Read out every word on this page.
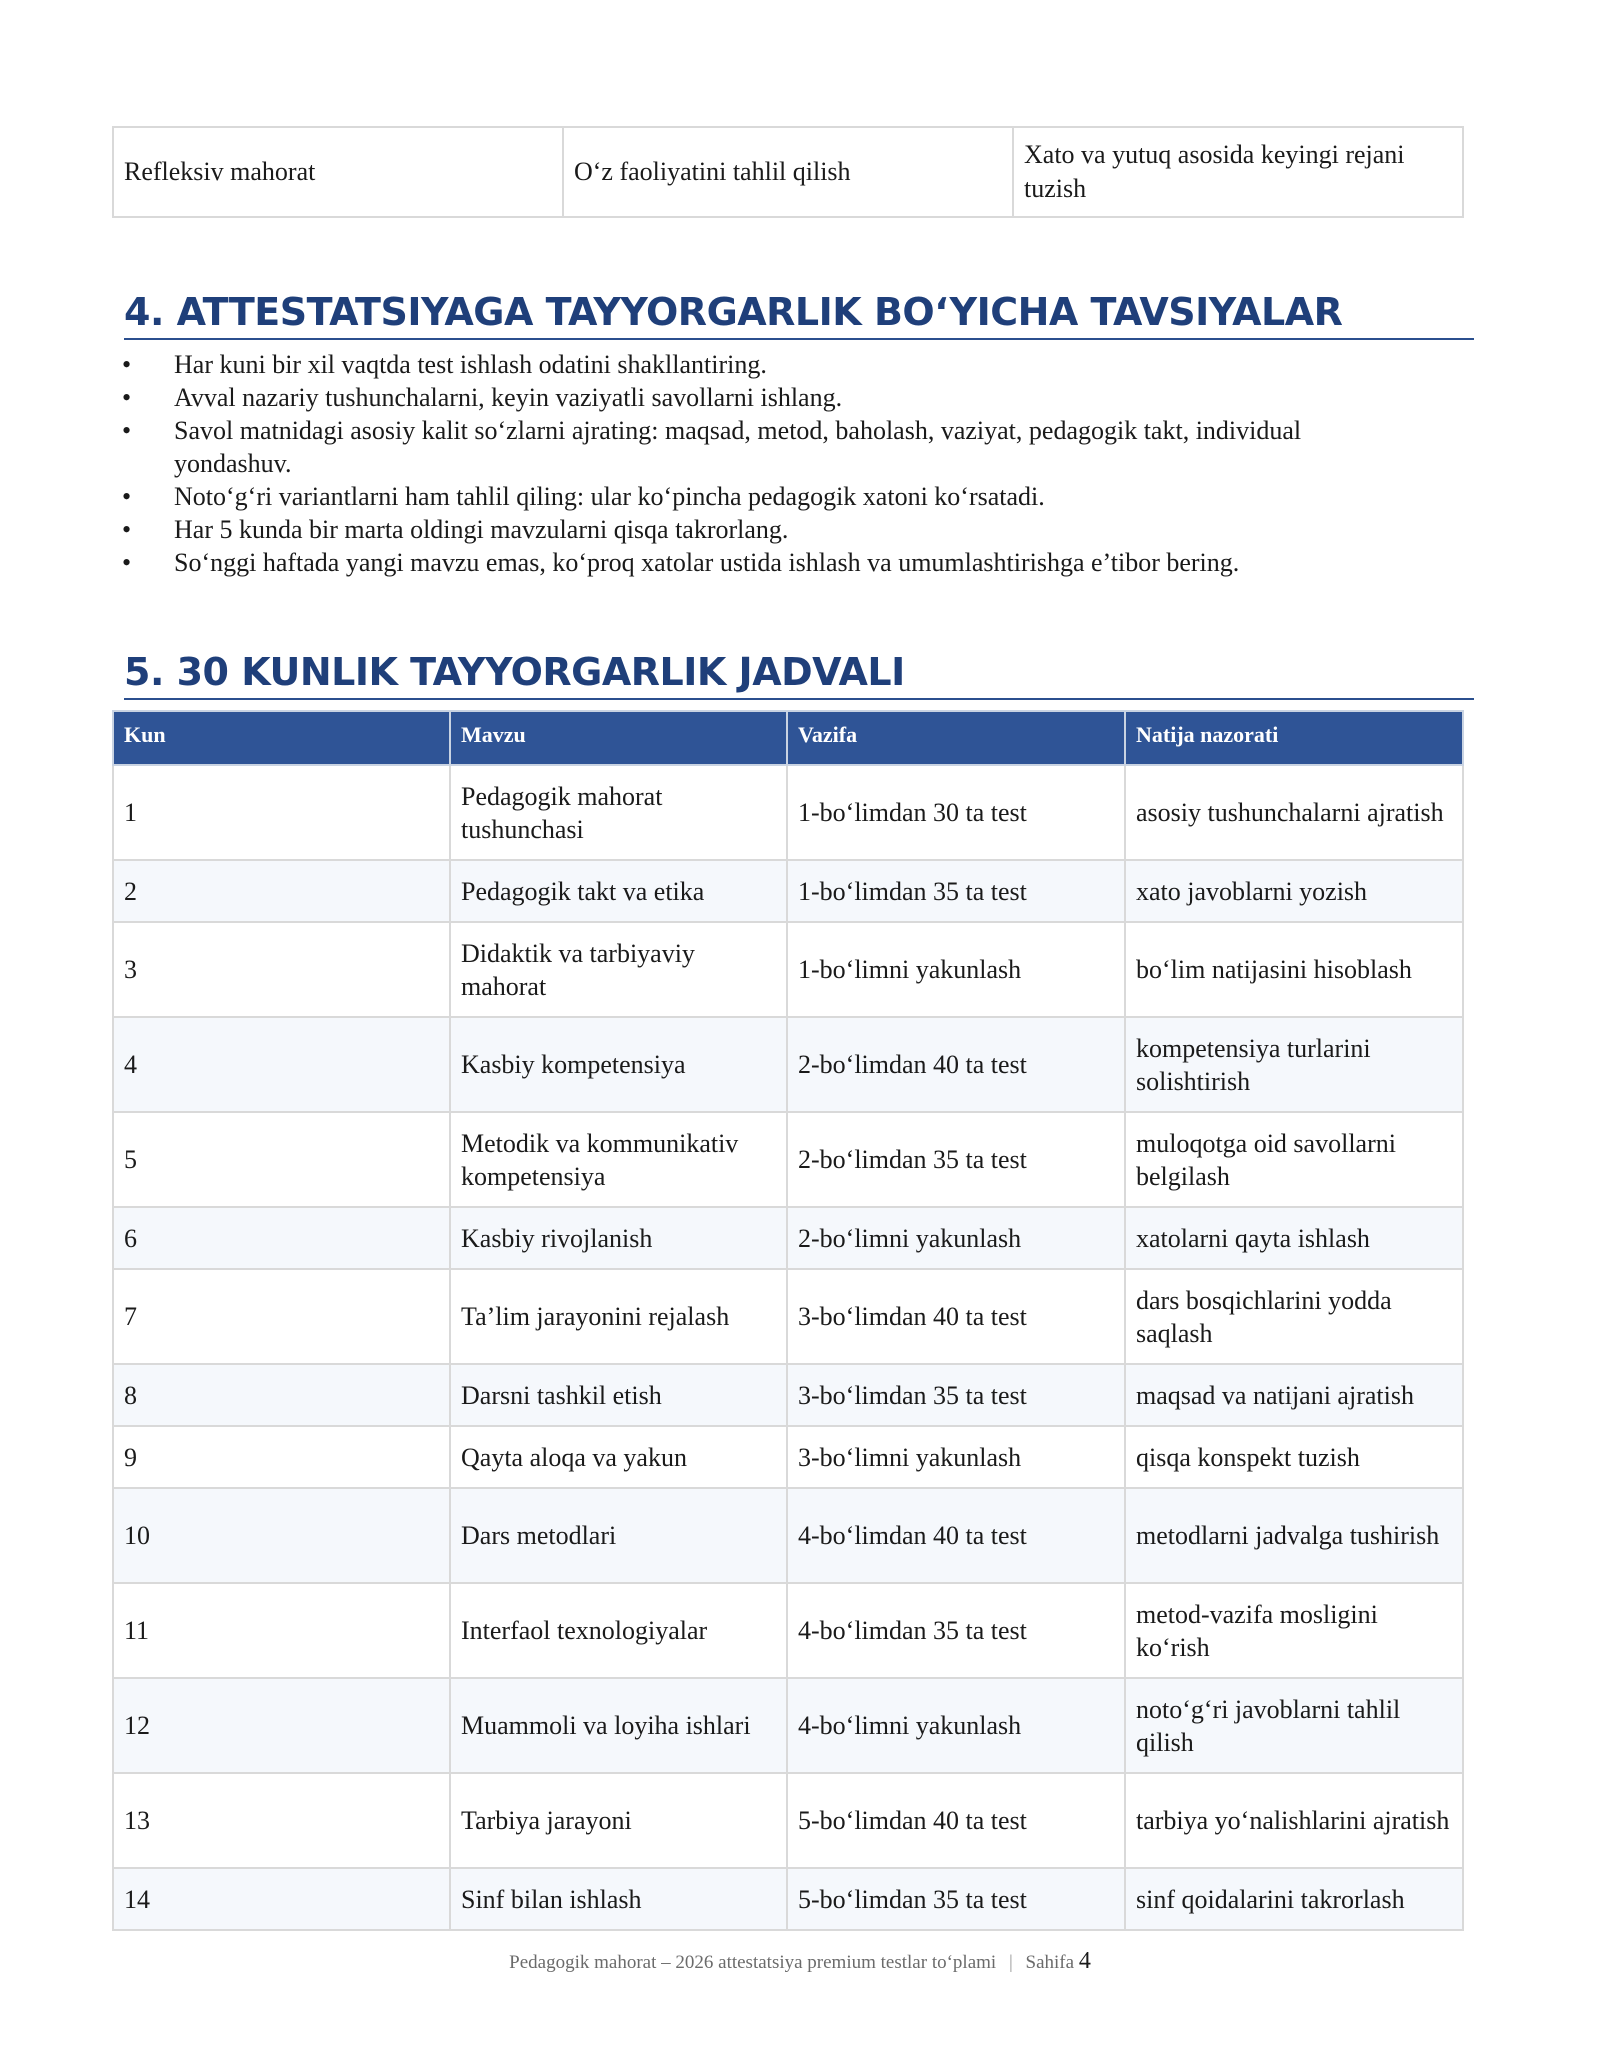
Refleksiv mahorat	O‘z faoliyatini tahlil qilish	Xato va yutuq asosida keyingi rejani tuzish
4. ATTESTATSIYAGA TAYYORGARLIK BO‘YICHA TAVSIYALAR
• Har kuni bir xil vaqtda test ishlash odatini shakllantiring.
• Avval nazariy tushunchalarni, keyin vaziyatli savollarni ishlang.
• Savol matnidagi asosiy kalit so‘zlarni ajrating: maqsad, metod, baholash, vaziyat, pedagogik takt, individual yondashuv.
• Noto‘g‘ri variantlarni ham tahlil qiling: ular ko‘pincha pedagogik xatoni ko‘rsatadi.
• Har 5 kunda bir marta oldingi mavzularni qisqa takrorlang.
• So‘nggi haftada yangi mavzu emas, ko‘proq xatolar ustida ishlash va umumlashtirishga e’tibor bering.
5. 30 KUNLIK TAYYORGARLIK JADVALI
Kun	Mavzu	Vazifa	Natija nazorati
1	Pedagogik mahorat tushunchasi	1-bo‘limdan 30 ta test	asosiy tushunchalarni ajratish
2	Pedagogik takt va etika	1-bo‘limdan 35 ta test	xato javoblarni yozish
3	Didaktik va tarbiyaviy mahorat	1-bo‘limni yakunlash	bo‘lim natijasini hisoblash
4	Kasbiy kompetensiya	2-bo‘limdan 40 ta test	kompetensiya turlarini solishtirish
5	Metodik va kommunikativ kompetensiya	2-bo‘limdan 35 ta test	muloqotga oid savollarni belgilash
6	Kasbiy rivojlanish	2-bo‘limni yakunlash	xatolarni qayta ishlash
7	Ta’lim jarayonini rejalash	3-bo‘limdan 40 ta test	dars bosqichlarini yodda saqlash
8	Darsni tashkil etish	3-bo‘limdan 35 ta test	maqsad va natijani ajratish
9	Qayta aloqa va yakun	3-bo‘limni yakunlash	qisqa konspekt tuzish
10	Dars metodlari	4-bo‘limdan 40 ta test	metodlarni jadvalga tushirish
11	Interfaol texnologiyalar	4-bo‘limdan 35 ta test	metod-vazifa mosligini ko‘rish
12	Muammoli va loyiha ishlari	4-bo‘limni yakunlash	noto‘g‘ri javoblarni tahlil qilish
13	Tarbiya jarayoni	5-bo‘limdan 40 ta test	tarbiya yo‘nalishlarini ajratish
14	Sinf bilan ishlash	5-bo‘limdan 35 ta test	sinf qoidalarini takrorlash
Pedagogik mahorat – 2026 attestatsiya premium testlar to‘plami | Sahifa 4
